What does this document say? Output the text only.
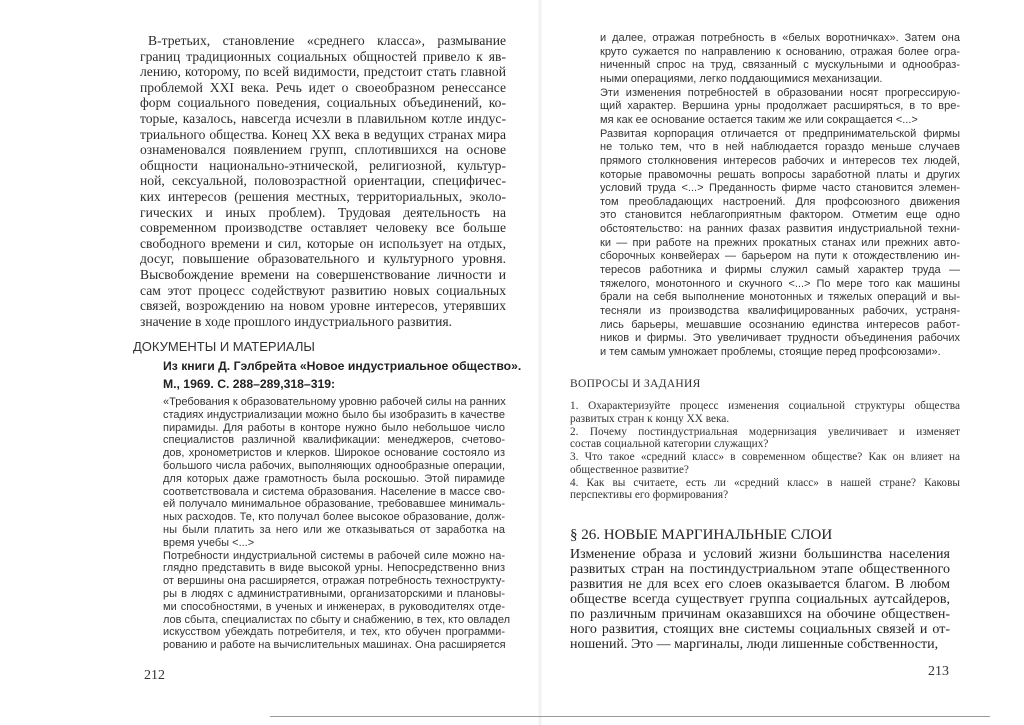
В-третьих, становление «среднего класса», размывание
границ традиционных социальных общностей привело к яв-
лению, которому, по всей видимости, предстоит стать главной
проблемой XXI века. Речь идет о своеобразном ренессансе
форм социального поведения, социальных объединений, ко-
торые, казалось, навсегда исчезли в плавильном котле индус-
триального общества. Конец XX века в ведущих странах мира
ознаменовался появлением групп, сплотившихся на основе
общности национально-этнической, религиозной, культур-
ной, сексуальной, половозрастной ориентации, специфичес-
ких интересов (решения местных, территориальных, эколо-
гических и иных проблем). Трудовая деятельность на
современном производстве оставляет человеку все больше
свободного времени и сил, которые он использует на отдых,
досуг, повышение образовательного и культурного уровня.
Высвобождение времени на совершенствование личности и
сам этот процесс содействуют развитию новых социальных
связей, возрождению на новом уровне интересов, утерявших
значение в ходе прошлого индустриального развития.
ДОКУМЕНТЫ И МАТЕРИАЛЫ
Из книги Д. Гэлбрейта «Новое индустриальное общество».
М., 1969. С. 288–289,318–319:
«Требования к образовательному уровню рабочей силы на ранних
стадиях индустриализации можно было бы изобразить в качестве
пирамиды. Для работы в конторе нужно было небольшое число
специалистов различной квалификации: менеджеров, счетово-
дов, хронометристов и клерков. Широкое основание состояло из
большого числа рабочих, выполняющих однообразные операции,
для которых даже грамотность была роскошью. Этой пирамиде
соответствовала и система образования. Население в массе сво-
ей получало минимальное образование, требовавшее минималь-
ных расходов. Те, кто получал более высокое образование, долж-
ны были платить за него или же отказываться от заработка на
время учебы <...>
Потребности индустриальной системы в рабочей силе можно на-
глядно представить в виде высокой урны. Непосредственно вниз
от вершины она расширяется, отражая потребность технострукту-
ры в людях с административными, организаторскими и плановы-
ми способностями, в ученых и инженерах, в руководителях отде-
лов сбыта, специалистах по сбыту и снабжению, в тех, кто овладел
искусством убеждать потребителя, и тех, кто обучен программи-
рованию и работе на вычислительных машинах. Она расширяется
212
и далее, отражая потребность в «белых воротничках». Затем она
круто сужается по направлению к основанию, отражая более огра-
ниченный спрос на труд, связанный с мускульными и однообраз-
ными операциями, легко поддающимися механизации.
Эти изменения потребностей в образовании носят прогрессирую-
щий характер. Вершина урны продолжает расширяться, в то вре-
мя как ее основание остается таким же или сокращается <...>
Развитая корпорация отличается от предпринимательской фирмы
не только тем, что в ней наблюдается гораздо меньше случаев
прямого столкновения интересов рабочих и интересов тех людей,
которые правомочны решать вопросы заработной платы и других
условий труда <...> Преданность фирме часто становится элемен-
том преобладающих настроений. Для профсоюзного движения
это становится неблагоприятным фактором. Отметим еще одно
обстоятельство: на ранних фазах развития индустриальной техни-
ки — при работе на прежних прокатных станах или прежних авто-
сборочных конвейерах — барьером на пути к отождествлению ин-
тересов работника и фирмы служил самый характер труда —
тяжелого, монотонного и скучного <...> По мере того как машины
брали на себя выполнение монотонных и тяжелых операций и вы-
тесняли из производства квалифицированных рабочих, устраня-
лись барьеры, мешавшие осознанию единства интересов работ-
ников и фирмы. Это увеличивает трудности объединения рабочих
и тем самым умножает проблемы, стоящие перед профсоюзами».
ВОПРОСЫ И ЗАДАНИЯ
1. Охарактеризуйте процесс изменения социальной структуры общества
развитых стран к концу XX века.
2. Почему постиндустриальная модернизация увеличивает и изменяет
состав социальной категории служащих?
3. Что такое «средний класс» в современном обществе? Как он влияет на
общественное развитие?
4. Как вы считаете, есть ли «средний класс» в нашей стране? Каковы
перспективы его формирования?
§ 26. НОВЫЕ МАРГИНАЛЬНЫЕ СЛОИ
Изменение образа и условий жизни большинства населения
развитых стран на постиндустриальном этапе общественного
развития не для всех его слоев оказывается благом. В любом
обществе всегда существует группа социальных аутсайдеров,
по различным причинам оказавшихся на обочине обществен-
ного развития, стоящих вне системы социальных связей и от-
ношений. Это — маргиналы, люди лишенные собственности,
213
